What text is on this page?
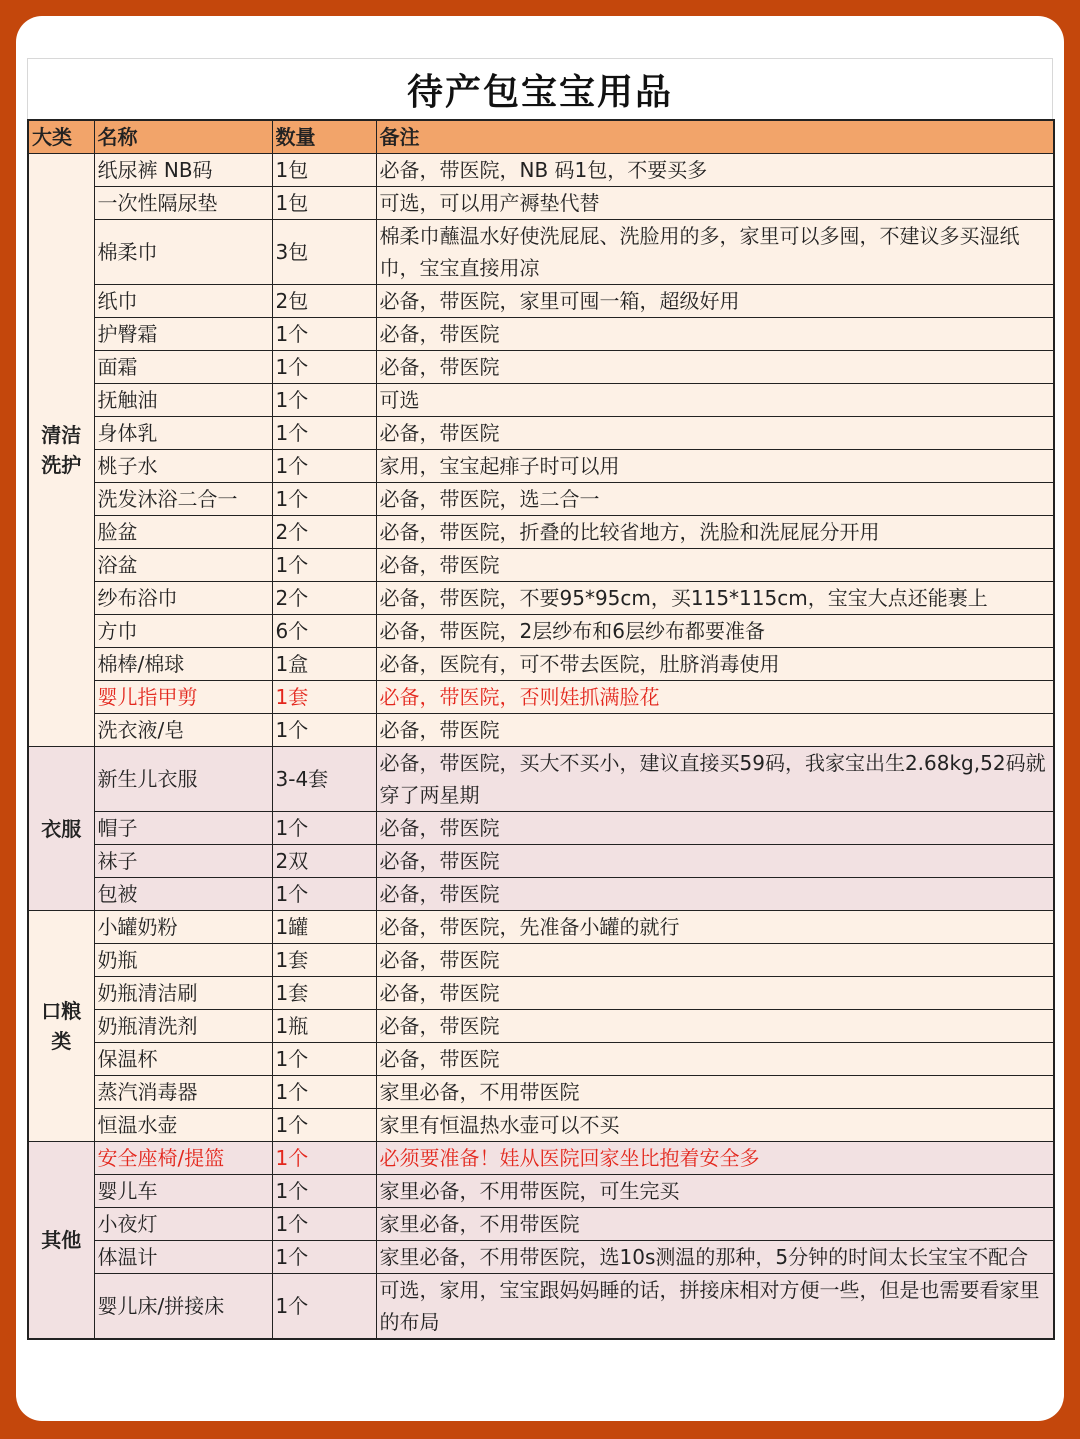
待产包宝宝用品
大类	名称	数量	备注
清洁
洗护	纸尿裤 NB码	1包	必备，带医院，NB 码1包，不要买多
	一次性隔尿垫	1包	可选，可以用产褥垫代替
	棉柔巾	3包	棉柔巾蘸温水好使洗屁屁、洗脸用的多，家里可以多囤，不建议多买湿纸巾，宝宝直接用凉
	纸巾	2包	必备，带医院，家里可囤一箱，超级好用
	护臀霜	1个	必备，带医院
	面霜	1个	必备，带医院
	抚触油	1个	可选
	身体乳	1个	必备，带医院
	桃子水	1个	家用，宝宝起痱子时可以用
	洗发沐浴二合一	1个	必备，带医院，选二合一
	脸盆	2个	必备，带医院，折叠的比较省地方，洗脸和洗屁屁分开用
	浴盆	1个	必备，带医院
	纱布浴巾	2个	必备，带医院，不要95*95cm，买115*115cm，宝宝大点还能裹上
	方巾	6个	必备，带医院，2层纱布和6层纱布都要准备
	棉棒/棉球	1盒	必备，医院有，可不带去医院，肚脐消毒使用
	婴儿指甲剪	1套	必备，带医院，否则娃抓满脸花
	洗衣液/皂	1个	必备，带医院
衣服	新生儿衣服	3-4套	必备，带医院，买大不买小，建议直接买59码，我家宝出生2.68kg,52码就穿了两星期
	帽子	1个	必备，带医院
	袜子	2双	必备，带医院
	包被	1个	必备，带医院
口粮
类	小罐奶粉	1罐	必备，带医院，先准备小罐的就行
	奶瓶	1套	必备，带医院
	奶瓶清洁刷	1套	必备，带医院
	奶瓶清洗剂	1瓶	必备，带医院
	保温杯	1个	必备，带医院
	蒸汽消毒器	1个	家里必备，不用带医院
	恒温水壶	1个	家里有恒温热水壶可以不买
其他	安全座椅/提篮	1个	必须要准备！娃从医院回家坐比抱着安全多
	婴儿车	1个	家里必备，不用带医院，可生完买
	小夜灯	1个	家里必备，不用带医院
	体温计	1个	家里必备，不用带医院，选10s测温的那种，5分钟的时间太长宝宝不配合
	婴儿床/拼接床	1个	可选，家用，宝宝跟妈妈睡的话，拼接床相对方便一些，但是也需要看家里的布局
